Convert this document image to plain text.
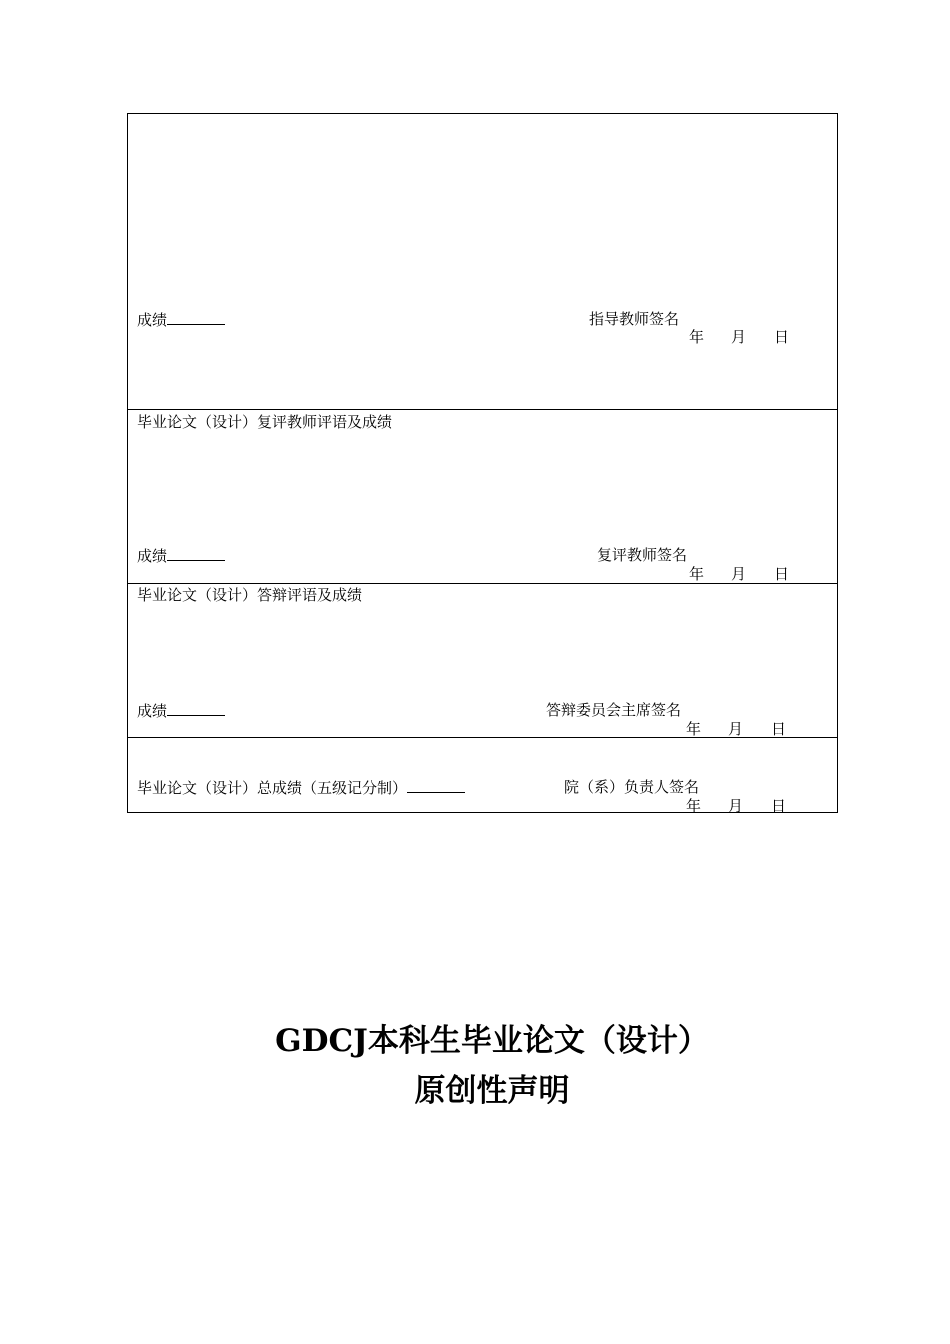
成绩	指导教师签名
年 月 日
毕业论文（设计）复评教师评语及成绩
成绩	复评教师签名
年 月 日
毕业论文（设计）答辩评语及成绩
成绩	答辩委员会主席签名
年 月 日
毕业论文（设计）总成绩（五级记分制）	院（系）负责人签名
年 月 日
GDCJ本科生毕业论文（设计）
原创性声明
